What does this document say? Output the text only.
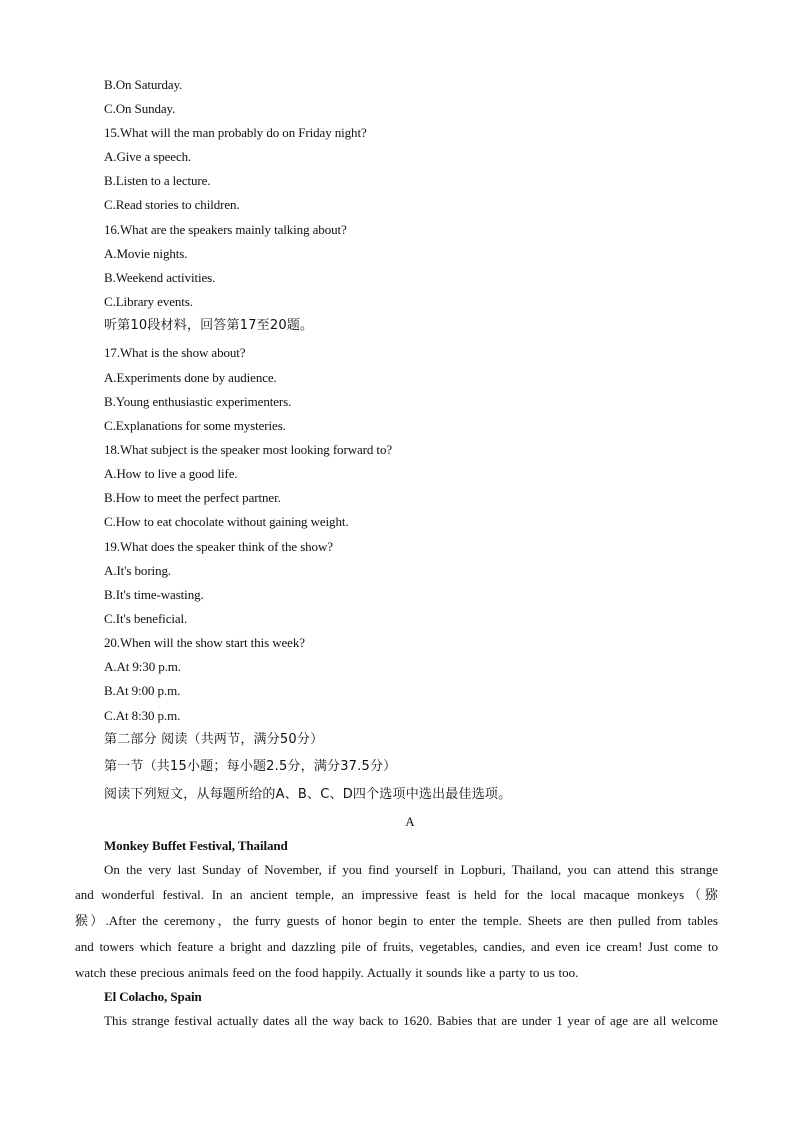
B.On Saturday.
C.On Sunday.
15.What will the man probably do on Friday night?
A.Give a speech.
B.Listen to a lecture.
C.Read stories to children.
16.What are the speakers mainly talking about?
A.Movie nights.
B.Weekend activities.
C.Library events.
听第10段材料，回答第17至20题。
17.What is the show about?
A.Experiments done by audience.
B.Young enthusiastic experimenters.
C.Explanations for some mysteries.
18.What subject is the speaker most looking forward to?
A.How to live a good life.
B.How to meet the perfect partner.
C.How to eat chocolate without gaining weight.
19.What does the speaker think of the show?
A.It's boring.
B.It's time-wasting.
C.It's beneficial.
20.When will the show start this week?
A.At 9:30 p.m.
B.At 9:00 p.m.
C.At 8:30 p.m.
第二部分 阅读（共两节，满分50分）
第一节（共15小题；每小题2.5分，满分37.5分）
阅读下列短文，从每题所给的A、B、C、D四个选项中选出最佳选项。
A
Monkey Buffet Festival, Thailand
On the very last Sunday of November, if you find yourself in Lopburi, Thailand, you can attend this strange
and wonderful festival. In an ancient temple, an impressive feast is held for the local macaque monkeys（猕
猴）.After the ceremony，the furry guests of honor begin to enter the temple. Sheets are then pulled from tables
and towers which feature a bright and dazzling pile of fruits, vegetables, candies, and even ice cream! Just come to
watch these precious animals feed on the food happily. Actually it sounds like a party to us too.
El Colacho, Spain
This strange festival actually dates all the way back to 1620. Babies that are under 1 year of age are all welcome
